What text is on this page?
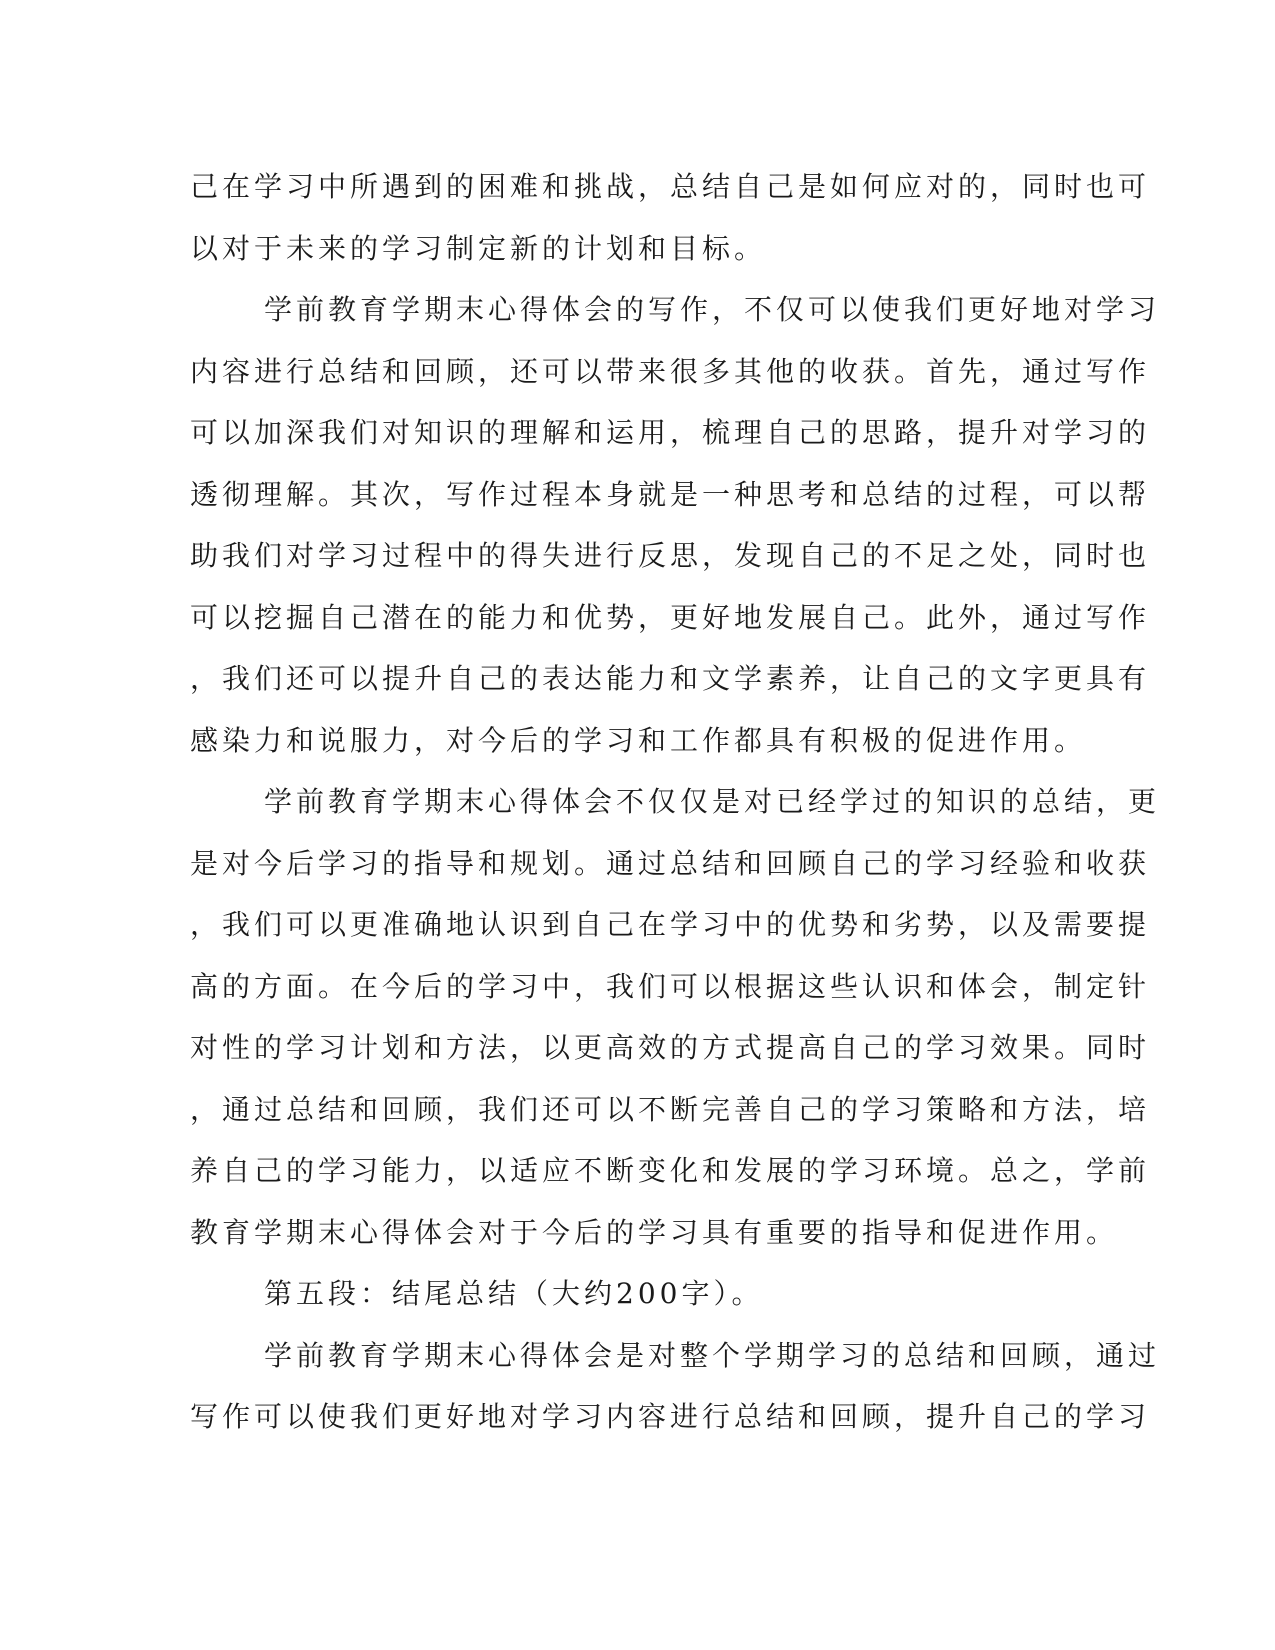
己在学习中所遇到的困难和挑战，总结自己是如何应对的，同时也可
以对于未来的学习制定新的计划和目标。
学前教育学期末心得体会的写作，不仅可以使我们更好地对学习
内容进行总结和回顾，还可以带来很多其他的收获。首先，通过写作
可以加深我们对知识的理解和运用，梳理自己的思路，提升对学习的
透彻理解。其次，写作过程本身就是一种思考和总结的过程，可以帮
助我们对学习过程中的得失进行反思，发现自己的不足之处，同时也
可以挖掘自己潜在的能力和优势，更好地发展自己。此外，通过写作
，我们还可以提升自己的表达能力和文学素养，让自己的文字更具有
感染力和说服力，对今后的学习和工作都具有积极的促进作用。
学前教育学期末心得体会不仅仅是对已经学过的知识的总结，更
是对今后学习的指导和规划。通过总结和回顾自己的学习经验和收获
，我们可以更准确地认识到自己在学习中的优势和劣势，以及需要提
高的方面。在今后的学习中，我们可以根据这些认识和体会，制定针
对性的学习计划和方法，以更高效的方式提高自己的学习效果。同时
，通过总结和回顾，我们还可以不断完善自己的学习策略和方法，培
养自己的学习能力，以适应不断变化和发展的学习环境。总之，学前
教育学期末心得体会对于今后的学习具有重要的指导和促进作用。
第五段：结尾总结（大约200字）。
学前教育学期末心得体会是对整个学期学习的总结和回顾，通过
写作可以使我们更好地对学习内容进行总结和回顾，提升自己的学习
